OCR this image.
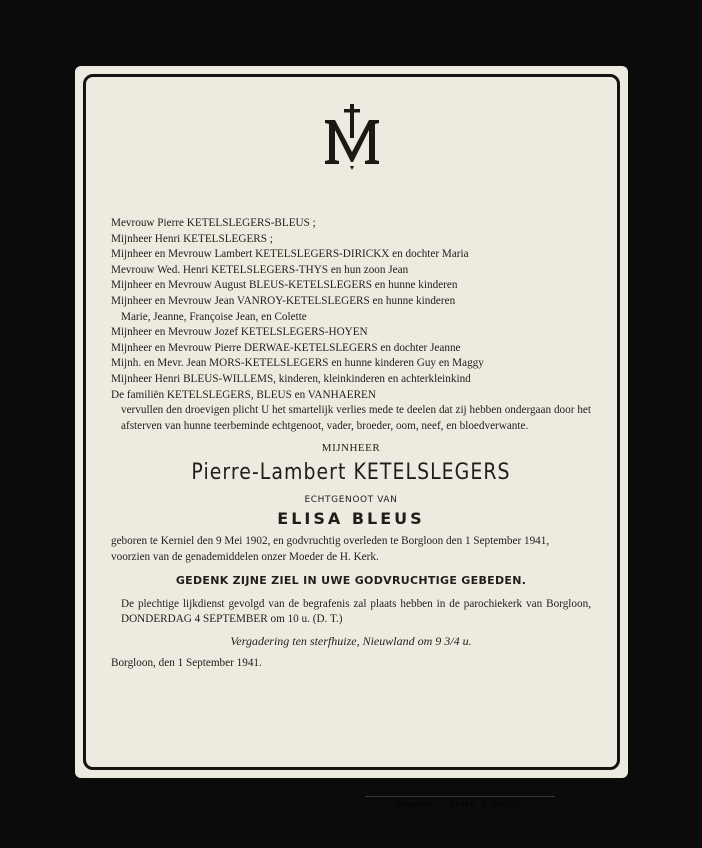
Mevrouw Pierre KETELSLEGERS-BLEUS ;

Mijnheer Henri KETELSLEGERS ;

Mijnheer en Mevrouw Lambert KETELSLEGERS-DIRICKX en dochter Maria

Mevrouw Wed. Henri KETELSLEGERS-THYS en hun zoon Jean

Mijnheer en Mevrouw August BLEUS-KETELSLEGERS en hunne kinderen

Mijnheer en Mevrouw Jean VANROY-KETELSLEGERS en hunne kinderen

Marie, Jeanne, Françoise Jean, en Colette

Mijnheer en Mevrouw Jozef KETELSLEGERS-HOYEN

Mijnheer en Mevrouw Pierre DERWAE-KETELSLEGERS en dochter Jeanne

Mijnh. en Mevr. Jean MORS-KETELSLEGERS en hunne kinderen Guy en Maggy

Mijnheer Henri BLEUS-WILLEMS, kinderen, kleinkinderen en achterkleinkind

De familiën KETELSLEGERS, BLEUS en VANHAEREN

vervullen den droevigen plicht U het smartelijk verlies mede te deelen dat zij hebben ondergaan door het afsterven van hunne teerbeminde echtgenoot, vader, broeder, oom, neef, en bloedverwante.

MIJNHEER
Pierre-Lambert KETELSLEGERS
ECHTGENOOT VAN
ELISA BLEUS

geboren te Kerniel den 9 Mei 1902, en godvruchtig overleden te Borgloon den 1 September 1941, voorzien van de genademiddelen onzer Moeder de H. Kerk.

GEDENK ZIJNE ZIEL IN UWE GODVRUCHTIGE GEBEDEN.

De plechtige lijkdienst gevolgd van de begrafenis zal plaats hebben in de parochiekerk van Borgloon, DONDERDAG 4 SEPTEMBER om 10 u. (D. T.)

Vergadering ten sterfhuize, Nieuwland om 9 3/4 u.
Borgloon, den 1 September 1941.
Borgloon — Drukk. S. PAQUE.
